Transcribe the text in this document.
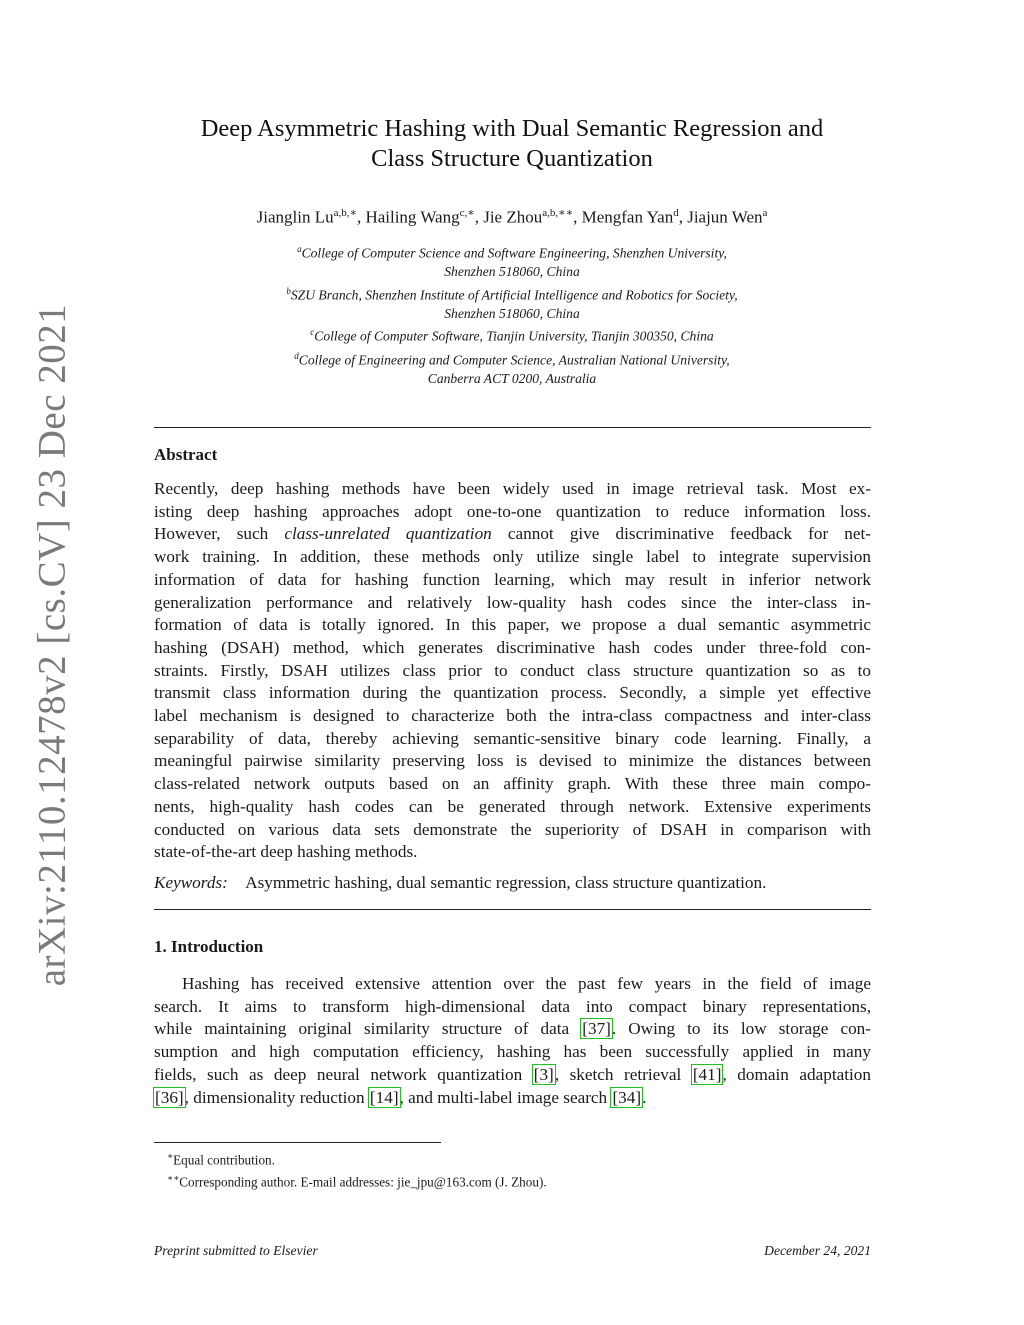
arXiv:2110.12478v2 [cs.CV] 23 Dec 2021
Deep Asymmetric Hashing with Dual Semantic Regression and
Class Structure Quantization
Jianglin $Lu^{a,b,∗}$, Hailing Wang$^{c,∗}$, Jie Zhou$^{a,b,∗∗}$, Mengfan Yan$^d$, Jiajun Wen$^a$
$^a$College of Computer Science and Software Engineering, Shenzhen University,
Shenzhen 518060, China
$^b$SZU Branch, Shenzhen Institute of Artificial Intelligence and Robotics for Society,
Shenzhen 518060, China
$^c$College of Computer Software, Tianjin University, Tianjin 300350, China
$^d$College of Engineering and Computer Science, Australian National University,
Canberra ACT 0200, Australia
Abstract
Recently, deep hashing methods have been widely used in image retrieval task. Most ex-
isting deep hashing approaches adopt one-to-one quantization to reduce information loss.
However, such class-unrelated quantization cannot give discriminative feedback for net-
work training. In addition, these methods only utilize single label to integrate supervision
information of data for hashing function learning, which may result in inferior network
generalization performance and relatively low-quality hash codes since the inter-class in-
formation of data is totally ignored. In this paper, we propose a dual semantic asymmetric
hashing (DSAH) method, which generates discriminative hash codes under three-fold con-
straints. Firstly, DSAH utilizes class prior to conduct class structure quantization so as to
transmit class information during the quantization process. Secondly, a simple yet effective
label mechanism is designed to characterize both the intra-class compactness and inter-class
separability of data, thereby achieving semantic-sensitive binary code learning. Finally, a
meaningful pairwise similarity preserving loss is devised to minimize the distances between
class-related network outputs based on an affinity graph. With these three main compo-
nents, high-quality hash codes can be generated through network. Extensive experiments
conducted on various data sets demonstrate the superiority of DSAH in comparison with
state-of-the-art deep hashing methods.
Keywords: Asymmetric hashing, dual semantic regression, class structure quantization.
1. Introduction
Hashing has received extensive attention over the past few years in the field of image
search. It aims to transform high-dimensional data into compact binary representations,
while maintaining original similarity structure of data [37]. Owing to its low storage con-
sumption and high computation efficiency, hashing has been successfully applied in many
fields, such as deep neural network quantization [3], sketch retrieval [41], domain adaptation
[36], dimensionality reduction [14], and multi-label image search [34].
∗Equal contribution.
∗∗Corresponding author. E-mail addresses: jie_jpu@163.com (J. Zhou).
Preprint submitted to Elsevier	December 24, 2021
